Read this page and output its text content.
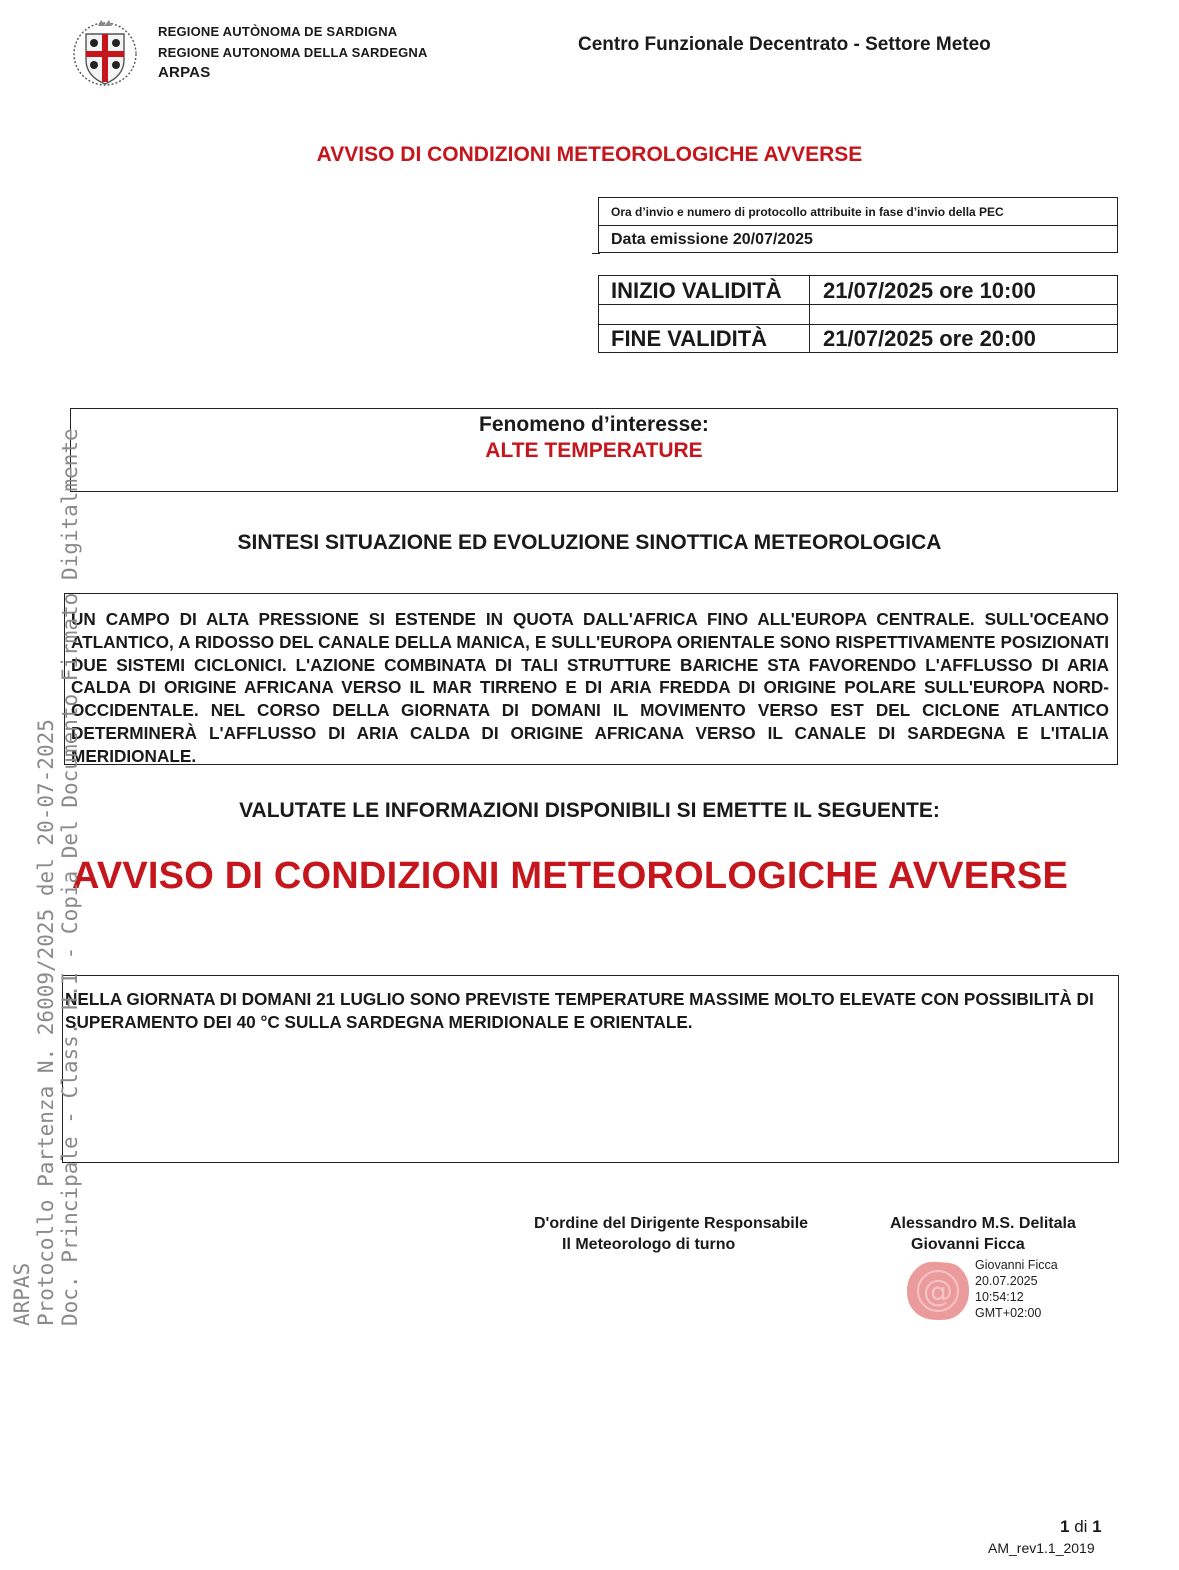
REGIONE AUTÒNOMA DE SARDIGNA
REGIONE AUTONOMA DELLA SARDEGNA
ARPAS
Centro Funzionale Decentrato - Settore Meteo
AVVISO DI CONDIZIONI METEOROLOGICHE AVVERSE
Ora d’invio e numero di protocollo attribuite in fase d’invio della PEC
Data emissione 20/07/2025
INIZIO VALIDITÀ 21/07/2025 ore 10:00
FINE VALIDITÀ	21/07/2025 ore 20:00
Fenomeno d’interesse:
ALTE TEMPERATURE
SINTESI SITUAZIONE ED EVOLUZIONE SINOTTICA METEOROLOGICA
UN CAMPO DI ALTA PRESSIONE SI ESTENDE IN QUOTA DALL'AFRICA FINO ALL'EUROPA CENTRALE. SULL'OCEANO ATLANTICO, A RIDOSSO DEL CANALE DELLA MANICA, E SULL'EUROPA ORIENTALE SONO RISPETTIVAMENTE POSIZIONATI DUE SISTEMI CICLONICI. L'AZIONE COMBINATA DI TALI STRUTTURE BARICHE STA FAVORENDO L'AFFLUSSO DI ARIA CALDA DI ORIGINE AFRICANA VERSO IL MAR TIRRENO E DI ARIA FREDDA DI ORIGINE POLARE SULL'EUROPA NORD-OCCIDENTALE. NEL CORSO DELLA GIORNATA DI DOMANI IL MOVIMENTO VERSO EST DEL CICLONE ATLANTICO DETERMINERÀ L'AFFLUSSO DI ARIA CALDA DI ORIGINE AFRICANA VERSO IL CANALE DI SARDEGNA E L'ITALIA MERIDIONALE.
VALUTATE LE INFORMAZIONI DISPONIBILI SI EMETTE IL SEGUENTE:
AVVISO DI CONDIZIONI METEOROLOGICHE AVVERSE
NELLA GIORNATA DI DOMANI 21 LUGLIO SONO PREVISTE TEMPERATURE MASSIME MOLTO ELEVATE CON POSSIBILITÀ DI SUPERAMENTO DEI 40 °C SULLA SARDEGNA MERIDIONALE E ORIENTALE.
D'ordine del Dirigente Responsabile
Il Meteorologo di turno
Alessandro M.S. Delitala
Giovanni Ficca
@
Giovanni Ficca
20.07.2025
10:54:12
GMT+02:00
ARPAS Protocollo Partenza N. 26009/2025 del 20-07-2025 Doc. Principale - Class. H.I - Copia Del Documento Firmato Digitalmente
1 di 1
AM_rev1.1_2019
